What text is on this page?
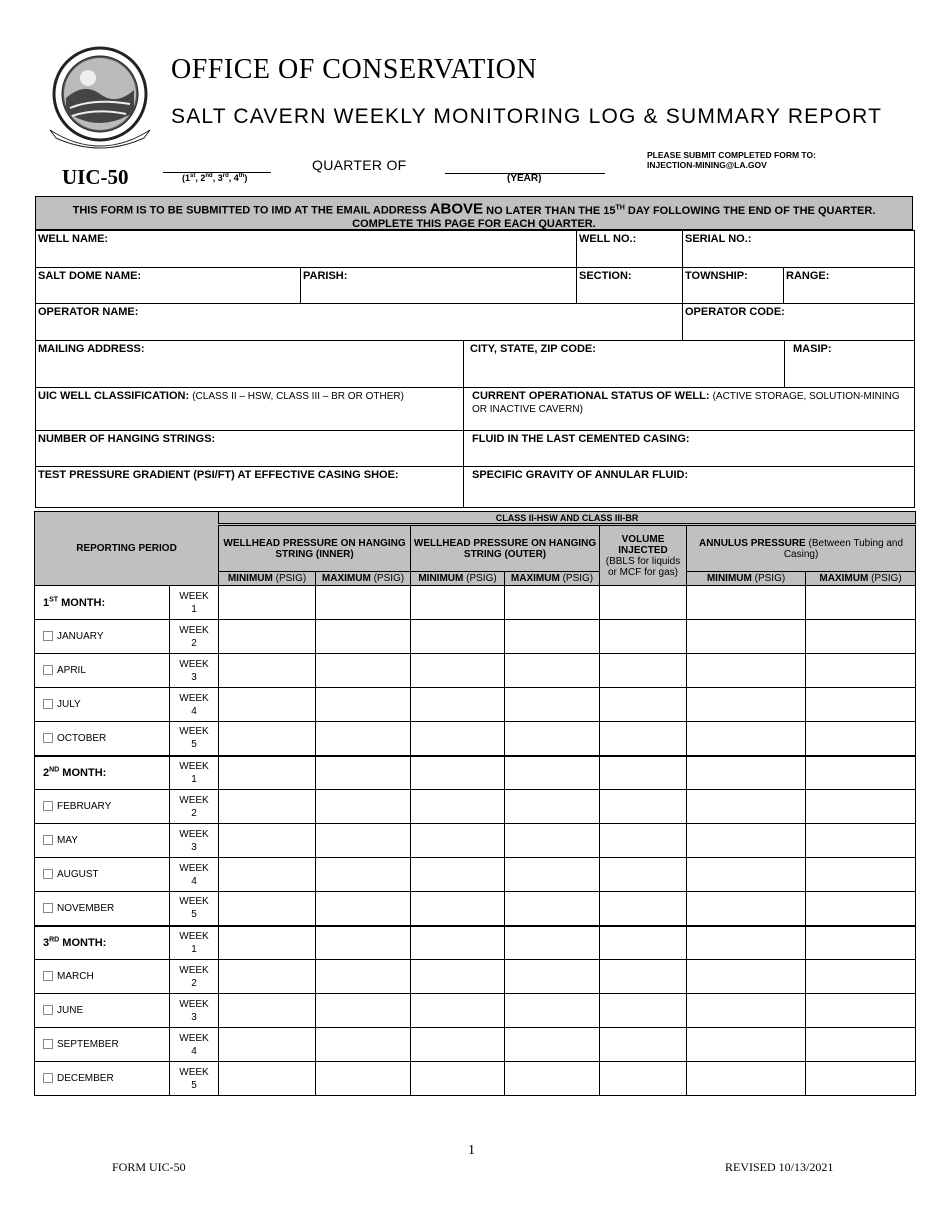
OFFICE OF CONSERVATION
SALT CAVERN WEEKLY MONITORING LOG & SUMMARY REPORT
UIC-50	(1st, 2nd, 3rd, 4th)
QUARTER OF
(YEAR)
PLEASE SUBMIT COMPLETED FORM TO:
INJECTION-MINING@LA.GOV
THIS FORM IS TO BE SUBMITTED TO IMD AT THE EMAIL ADDRESS ABOVE NO LATER THAN THE 15TH DAY FOLLOWING THE END OF THE QUARTER.
COMPLETE THIS PAGE FOR EACH QUARTER.
WELL NAME:	WELL NO.:	SERIAL NO.:
SALT DOME NAME:	PARISH:	SECTION:	TOWNSHIP:	RANGE:
OPERATOR NAME:	OPERATOR CODE:
MAILING ADDRESS:	CITY, STATE, ZIP CODE:	MASIP:
UIC WELL CLASSIFICATION: (CLASS II – HSW, CLASS III – BR OR OTHER)	CURRENT OPERATIONAL STATUS OF WELL: (ACTIVE STORAGE, SOLUTION-MINING OR INACTIVE CAVERN)
NUMBER OF HANGING STRINGS:	FLUID IN THE LAST CEMENTED CASING:
TEST PRESSURE GRADIENT (PSI/FT) AT EFFECTIVE CASING SHOE:	SPECIFIC GRAVITY OF ANNULAR FLUID:
REPORTING PERIOD		CLASS II-HSW AND CLASS III-BR						
		WELLHEAD PRESSURE ON HANGING STRING (INNER)		WELLHEAD PRESSURE ON HANGING STRING (OUTER)		VOLUME INJECTED
(BBLS for liquids or MCF for gas)	ANNULUS PRESSURE (Between Tubing and Casing)	
		MINIMUM (PSIG)	MAXIMUM (PSIG)	MINIMUM (PSIG)	MAXIMUM (PSIG)		MINIMUM (PSIG)	MAXIMUM (PSIG)
1ST MONTH:	WEEK
1							

JANUARY	WEEK
2							

APRIL	WEEK
3							

JULY	WEEK
4							

OCTOBER	WEEK
5							

2ND MONTH:	WEEK
1							

FEBRUARY	WEEK
2							

MAY	WEEK
3							

AUGUST	WEEK
4							

NOVEMBER	WEEK
5							

3RD MONTH:	WEEK
1							

MARCH	WEEK
2							

JUNE	WEEK
3							

SEPTEMBER	WEEK
4							

DECEMBER	WEEK
5							

FORM UIC-50
1
REVISED 10/13/2021
